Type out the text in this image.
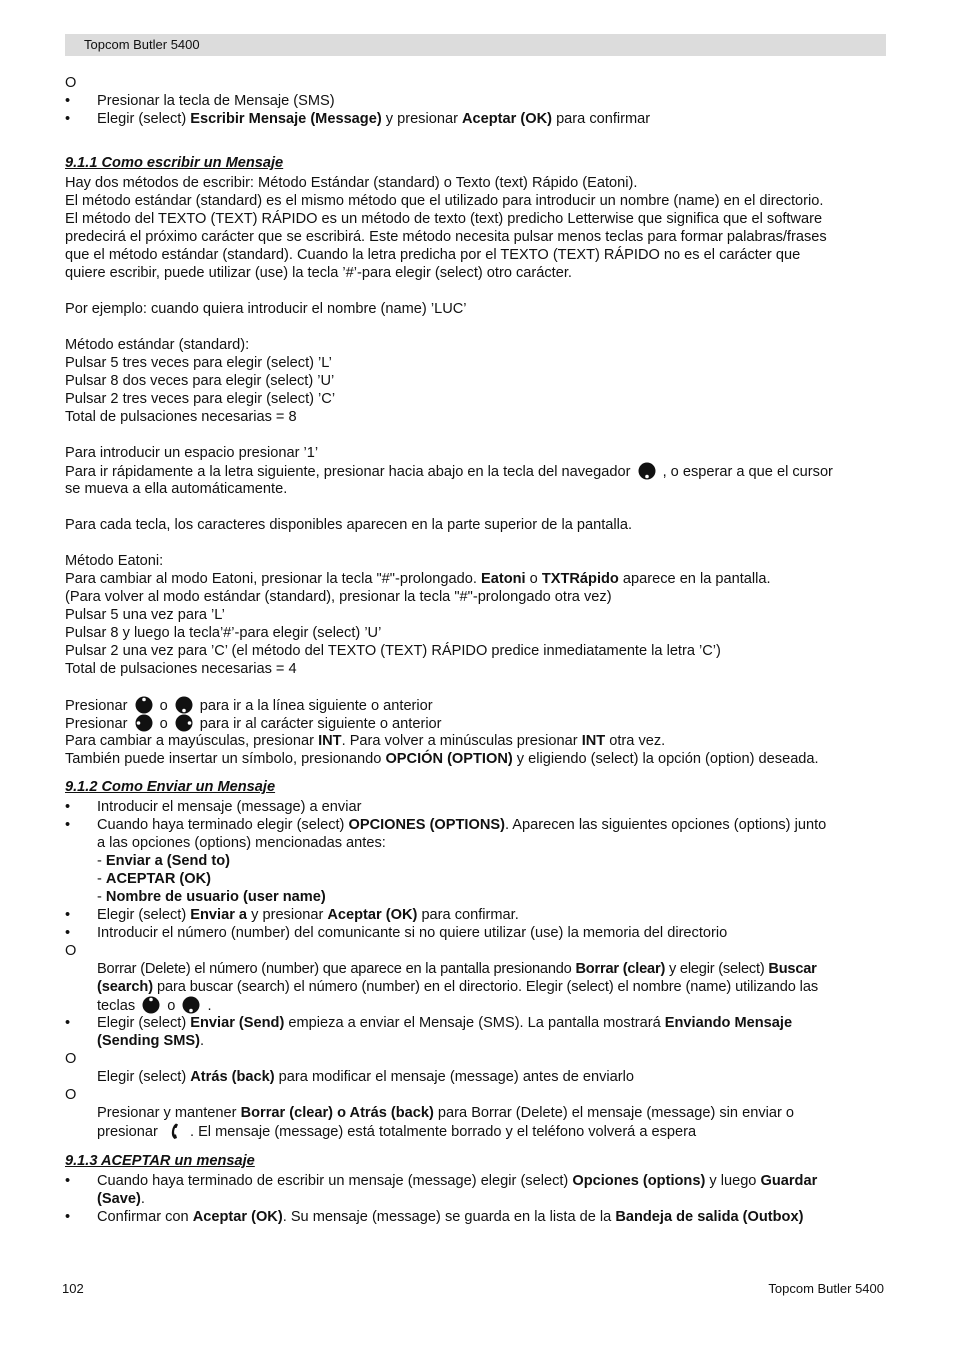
Topcom Butler 5400
O
• Presionar la tecla de Mensaje (SMS)
• Elegir (select) Escribir Mensaje (Message) y presionar Aceptar (OK) para confirmar
9.1.1 Como escribir un Mensaje
Hay dos métodos de escribir: Método Estándar (standard) o Texto (text) Rápido (Eatoni).
El método estándar (standard) es el mismo método que el utilizado para introducir un nombre (name) en el directorio.
El método del TEXTO (TEXT) RÁPIDO es un método de texto (text) predicho Letterwise que significa que el software
predecirá el próximo carácter que se escribirá. Este método necesita pulsar menos teclas para formar palabras/frases
que el método estándar (standard). Cuando la letra predicha por el TEXTO (TEXT) RÁPIDO no es el carácter que
quiere escribir, puede utilizar (use) la tecla ’#’-para elegir (select) otro carácter.
Por ejemplo: cuando quiera introducir el nombre (name) ’LUC’
Método estándar (standard):
Pulsar 5 tres veces para elegir (select) ’L’
Pulsar 8 dos veces para elegir (select) ’U’
Pulsar 2 tres veces para elegir (select) ’C’
Total de pulsaciones necesarias = 8
Para introducir un espacio presionar ’1’
Para ir rápidamente a la letra siguiente, presionar hacia abajo en la tecla del navegador  , o esperar a que el cursor
se mueva a ella automáticamente.
Para cada tecla, los caracteres disponibles aparecen en la parte superior de la pantalla.
Método Eatoni:
Para cambiar al modo Eatoni, presionar la tecla "#"-prolongado. Eatoni o TXTRápido aparece en la pantalla.
(Para volver al modo estándar (standard), presionar la tecla "#"-prolongado otra vez)
Pulsar 5 una vez para ’L’
Pulsar 8 y luego la tecla’#’-para elegir (select) ’U’
Pulsar 2 una vez para ’C’ (el método del TEXTO (TEXT) RÁPIDO predice inmediatamente la letra ’C’)
Total de pulsaciones necesarias = 4
Presionar  o  para ir a la línea siguiente o anterior
Presionar  o  para ir al carácter siguiente o anterior
Para cambiar a mayúsculas, presionar INT. Para volver a minúsculas presionar INT otra vez.
También puede insertar un símbolo, presionando OPCIÓN (OPTION) y eligiendo (select) la opción (option) deseada.
9.1.2 Como Enviar un Mensaje
• Introducir el mensaje (message) a enviar
• Cuando haya terminado elegir (select) OPCIONES (OPTIONS). Aparecen las siguientes opciones (options) junto
a las opciones (options) mencionadas antes:
- Enviar a (Send to)
- ACEPTAR (OK)
- Nombre de usuario (user name)
• Elegir (select) Enviar a y presionar Aceptar (OK) para confirmar.
• Introducir el número (number) del comunicante si no quiere utilizar (use) la memoria del directorio
O
Borrar (Delete) el número (number) que aparece en la pantalla presionando Borrar (clear) y elegir (select) Buscar
(search) para buscar (search) el número (number) en el directorio. Elegir (select) el nombre (name) utilizando las
teclas  o  .
• Elegir (select) Enviar (Send) empieza a enviar el Mensaje (SMS). La pantalla mostrará Enviando Mensaje
(Sending SMS).
O
Elegir (select) Atrás (back) para modificar el mensaje (message) antes de enviarlo
O
Presionar y mantener Borrar (clear) o Atrás (back) para Borrar (Delete) el mensaje (message) sin enviar o
presionar  . El mensaje (message) está totalmente borrado y el teléfono volverá a espera
9.1.3 ACEPTAR un mensaje
• Cuando haya terminado de escribir un mensaje (message) elegir (select) Opciones (options) y luego Guardar
(Save).
• Confirmar con Aceptar (OK). Su mensaje (message) se guarda en la lista de la Bandeja de salida (Outbox)
102	Topcom Butler 5400
